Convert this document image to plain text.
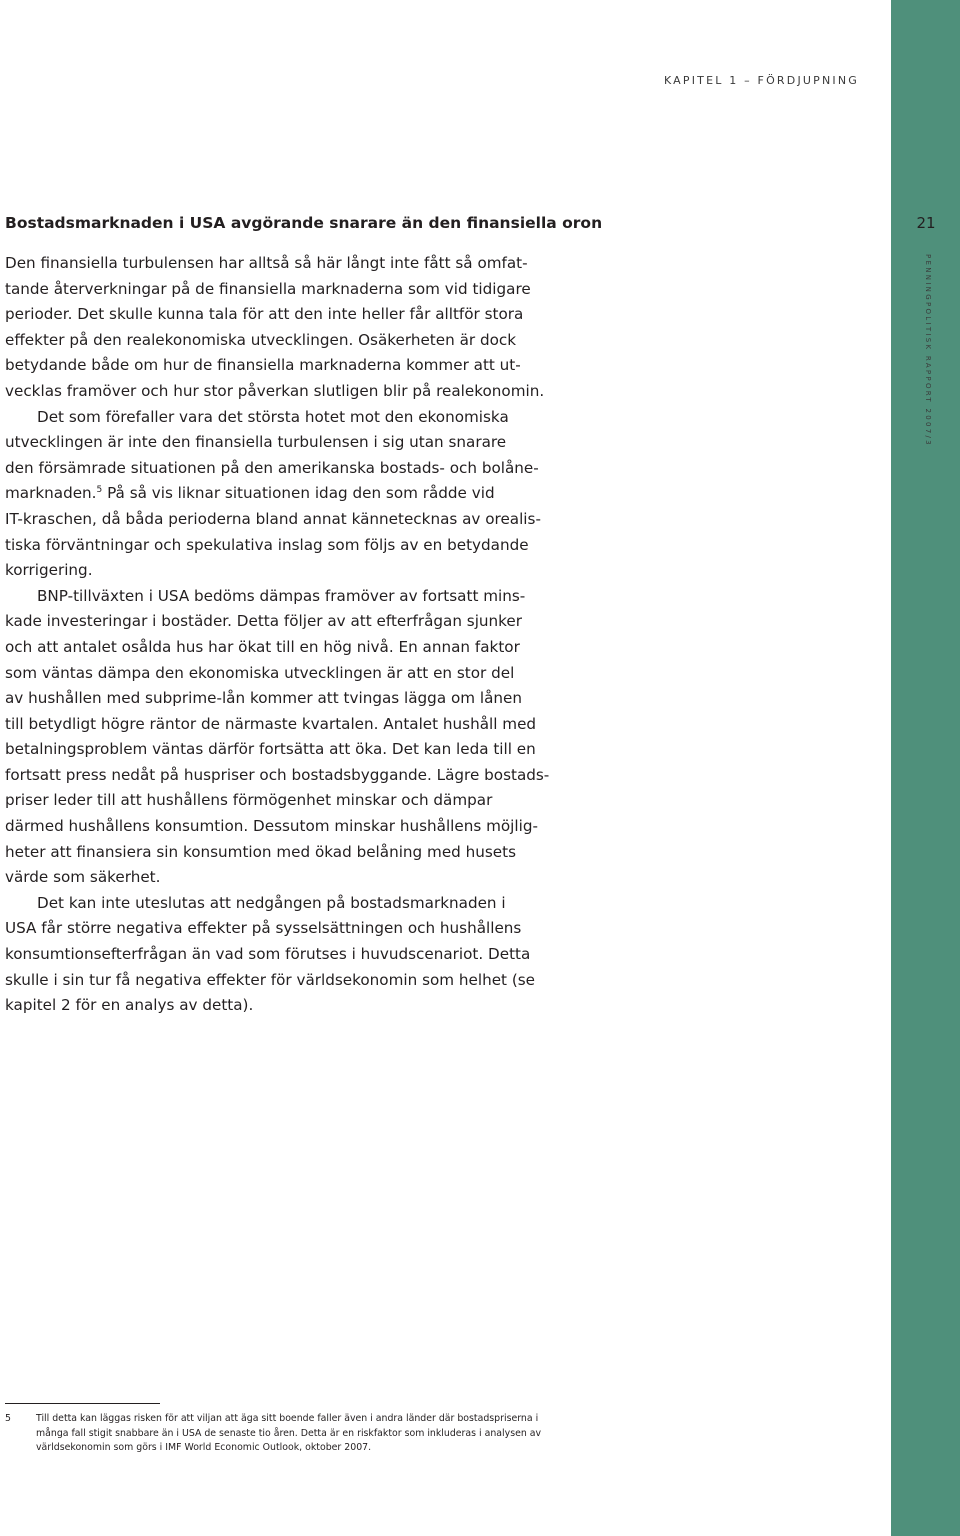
KAPITEL 1 – FÖRDJUPNING
21
PENNINGPOLITISK RAPPORT 2007/3
Bostadsmarknaden i USA avgörande snarare än den finansiella oron
Den finansiella turbulensen har alltså så här långt inte fått så omfat-
tande återverkningar på de finansiella marknaderna som vid tidigare
perioder. Det skulle kunna tala för att den inte heller får alltför stora
effekter på den realekonomiska utvecklingen. Osäkerheten är dock
betydande både om hur de finansiella marknaderna kommer att ut-
vecklas framöver och hur stor påverkan slutligen blir på realekonomin.
Det som förefaller vara det största hotet mot den ekonomiska
utvecklingen är inte den finansiella turbulensen i sig utan snarare
den försämrade situationen på den amerikanska bostads- och bolåne-
marknaden.$^5$ På så vis liknar situationen idag den som rådde vid
IT-kraschen, då båda perioderna bland annat kännetecknas av orealis-
tiska förväntningar och spekulativa inslag som följs av en betydande
korrigering.
BNP-tillväxten i USA bedöms dämpas framöver av fortsatt mins-
kade investeringar i bostäder. Detta följer av att efterfrågan sjunker
och att antalet osålda hus har ökat till en hög nivå. En annan faktor
som väntas dämpa den ekonomiska utvecklingen är att en stor del
av hushållen med subprime-lån kommer att tvingas lägga om lånen
till betydligt högre räntor de närmaste kvartalen. Antalet hushåll med
betalningsproblem väntas därför fortsätta att öka. Det kan leda till en
fortsatt press nedåt på huspriser och bostadsbyggande. Lägre bostads-
priser leder till att hushållens förmögenhet minskar och dämpar
därmed hushållens konsumtion. Dessutom minskar hushållens möjlig-
heter att finansiera sin konsumtion med ökad belåning med husets
värde som säkerhet.
Det kan inte uteslutas att nedgången på bostadsmarknaden i
USA får större negativa effekter på sysselsättningen och hushållens
konsumtionsefterfrågan än vad som förutses i huvudscenariot. Detta
skulle i sin tur få negativa effekter för världsekonomin som helhet (se
kapitel 2 för en analys av detta).
5	Till detta kan läggas risken för att viljan att äga sitt boende faller även i andra länder där bostadspriserna i
många fall stigit snabbare än i USA de senaste tio åren. Detta är en riskfaktor som inkluderas i analysen av
världsekonomin som görs i IMF World Economic Outlook, oktober 2007.
